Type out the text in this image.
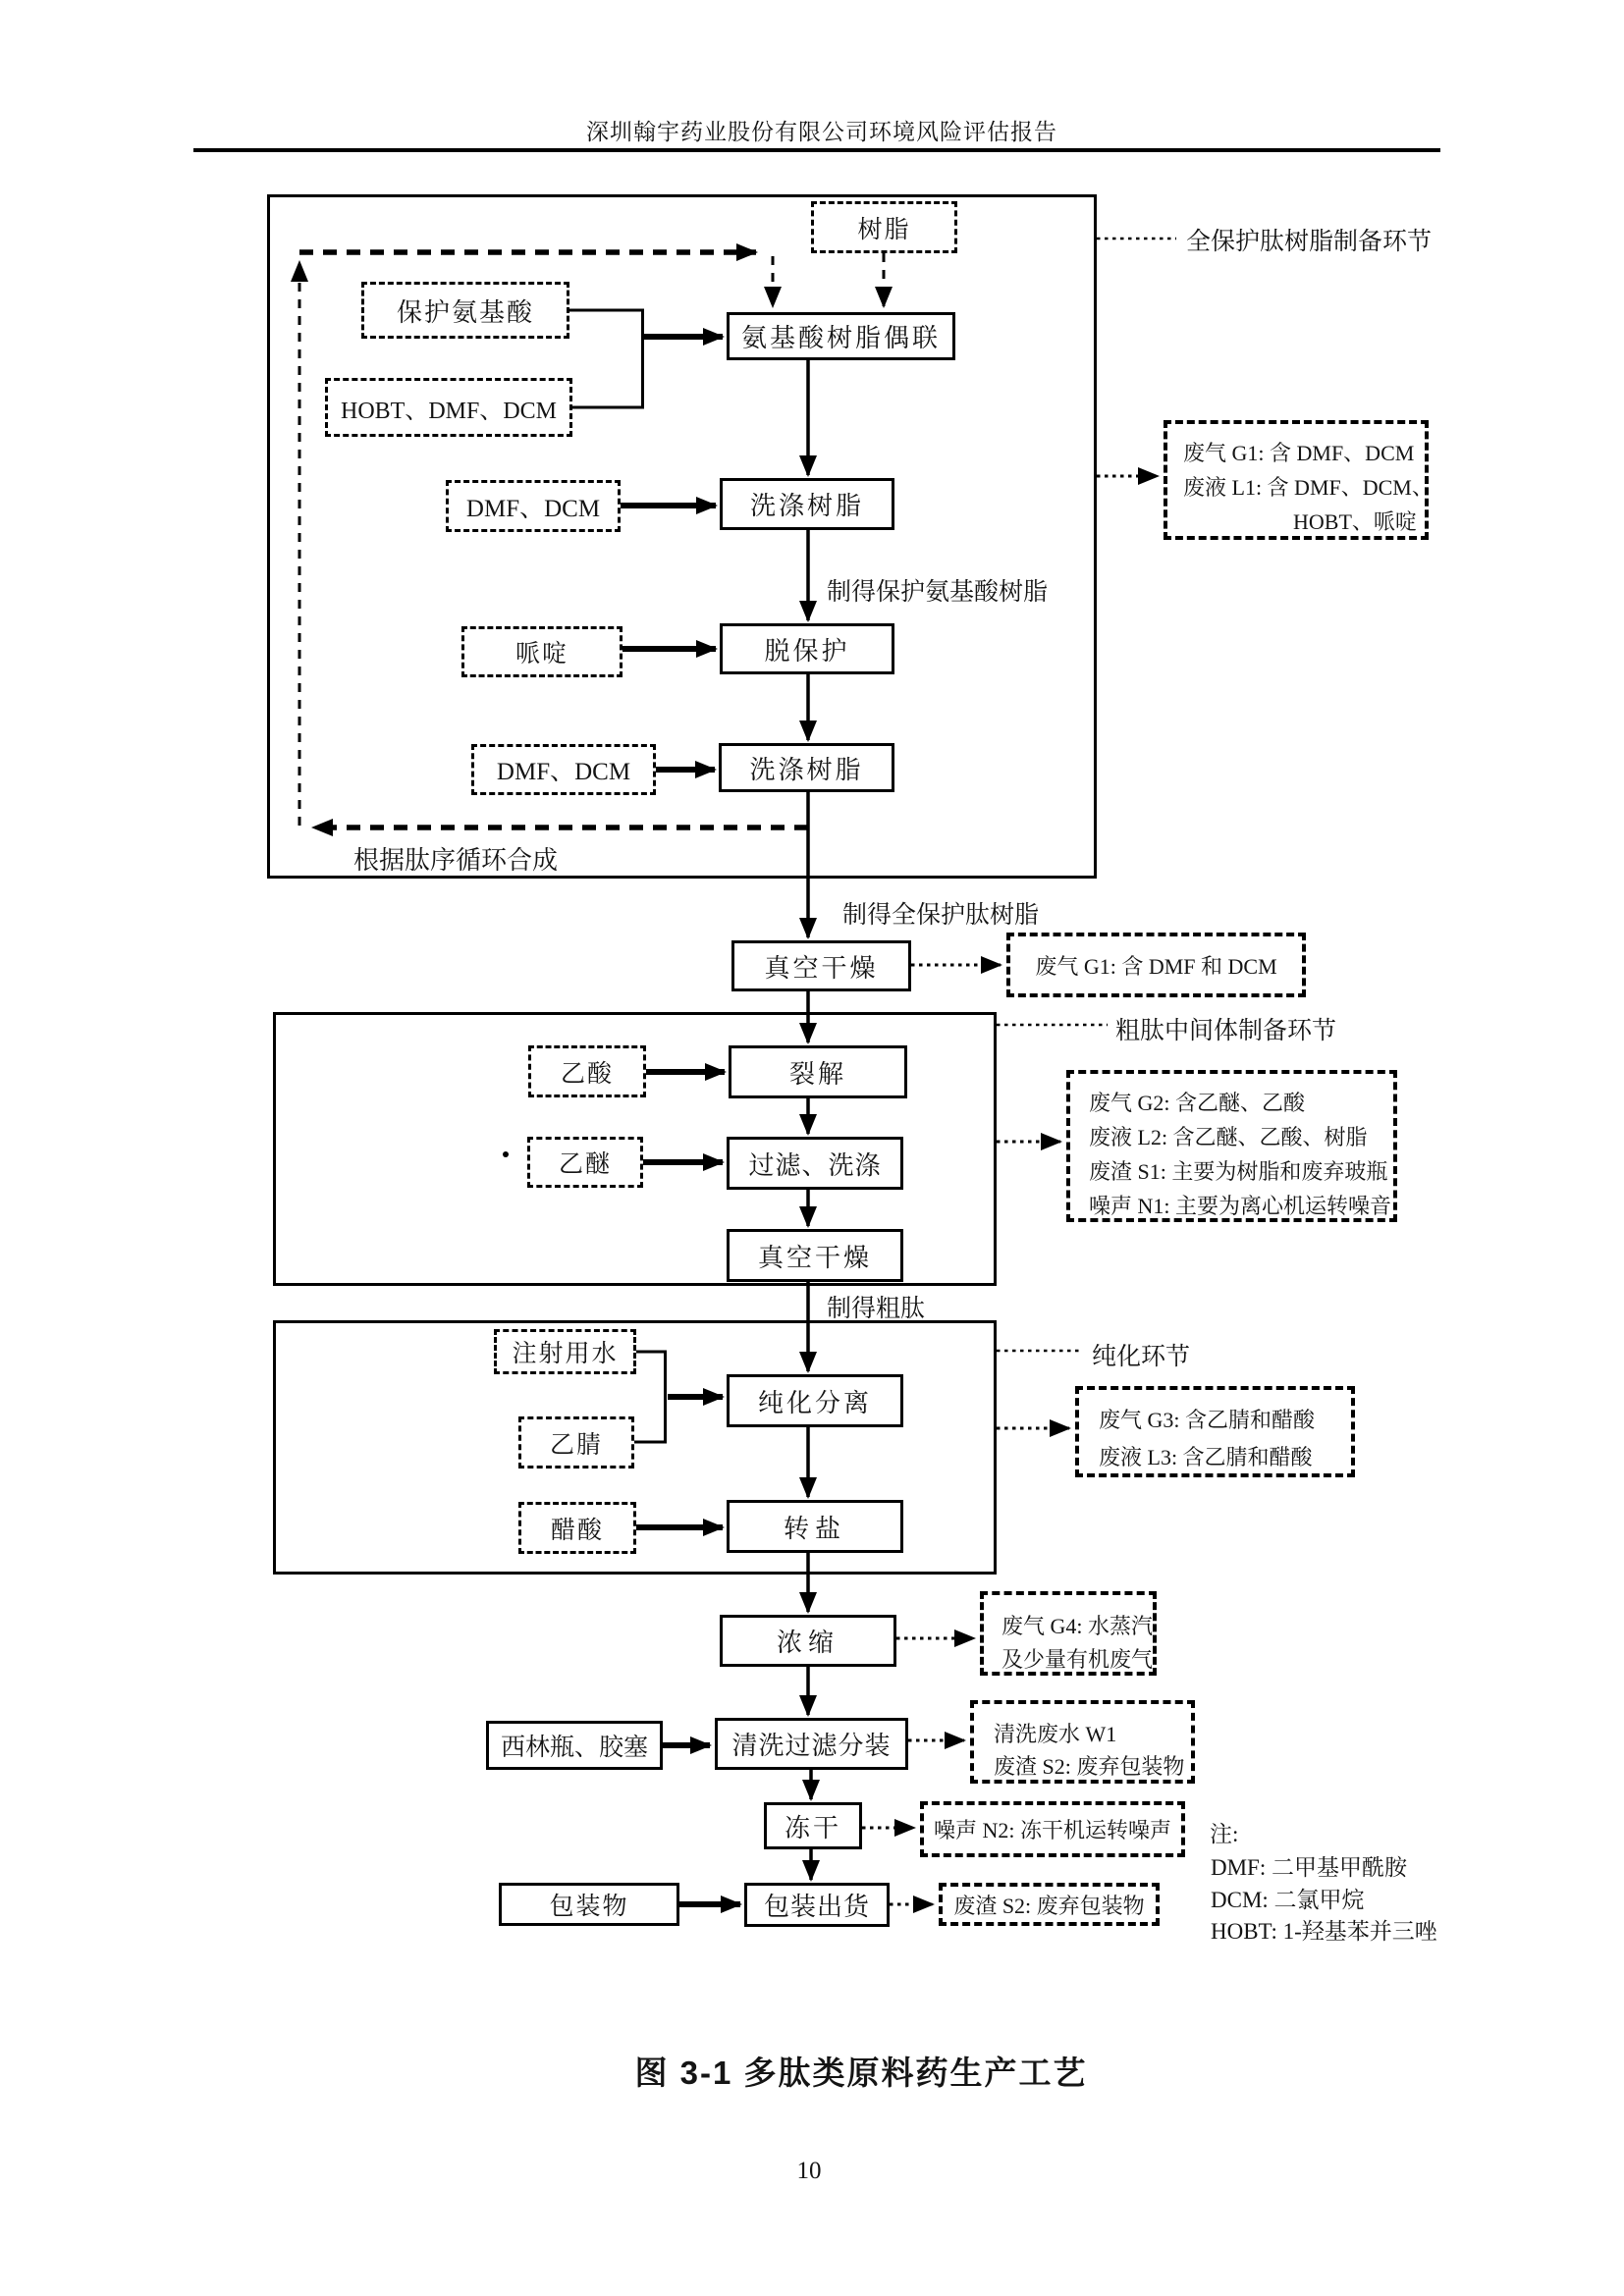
深圳翰宇药业股份有限公司环境风险评估报告
全保护肽树脂制备环节
粗肽中间体制备环节
纯化环节
树脂
保护氨基酸
HOBT、DMF、DCM
DMF、DCM
哌啶
DMF、DCM
乙酸
乙醚
注射用水
乙腈
醋酸
西林瓶、胶塞
包装物
氨基酸树脂偶联
洗涤树脂
脱保护
洗涤树脂
真空干燥
裂解
过滤、洗涤
真空干燥
纯化分离
转盐
浓缩
清洗过滤分装
冻干
包装出货
废气 G1: 含 DMF、DCM
废液 L1: 含 DMF、DCM、
HOBT、哌啶
废气 G1: 含 DMF 和 DCM
废气 G2: 含乙醚、乙酸
废液 L2: 含乙醚、乙酸、树脂
废渣 S1: 主要为树脂和废弃玻瓶
噪声 N1: 主要为离心机运转噪音
废气 G3: 含乙腈和醋酸
废液 L3: 含乙腈和醋酸
废气 G4: 水蒸汽
及少量有机废气
清洗废水 W1
废渣 S2: 废弃包装物
噪声 N2: 冻干机运转噪声
废渣 S2: 废弃包装物
制得保护氨基酸树脂
根据肽序循环合成
制得全保护肽树脂
制得粗肽
注:
DMF: 二甲基甲酰胺
DCM: 二氯甲烷
HOBT: 1-羟基苯并三唑
图 3-1 多肽类原料药生产工艺
10
